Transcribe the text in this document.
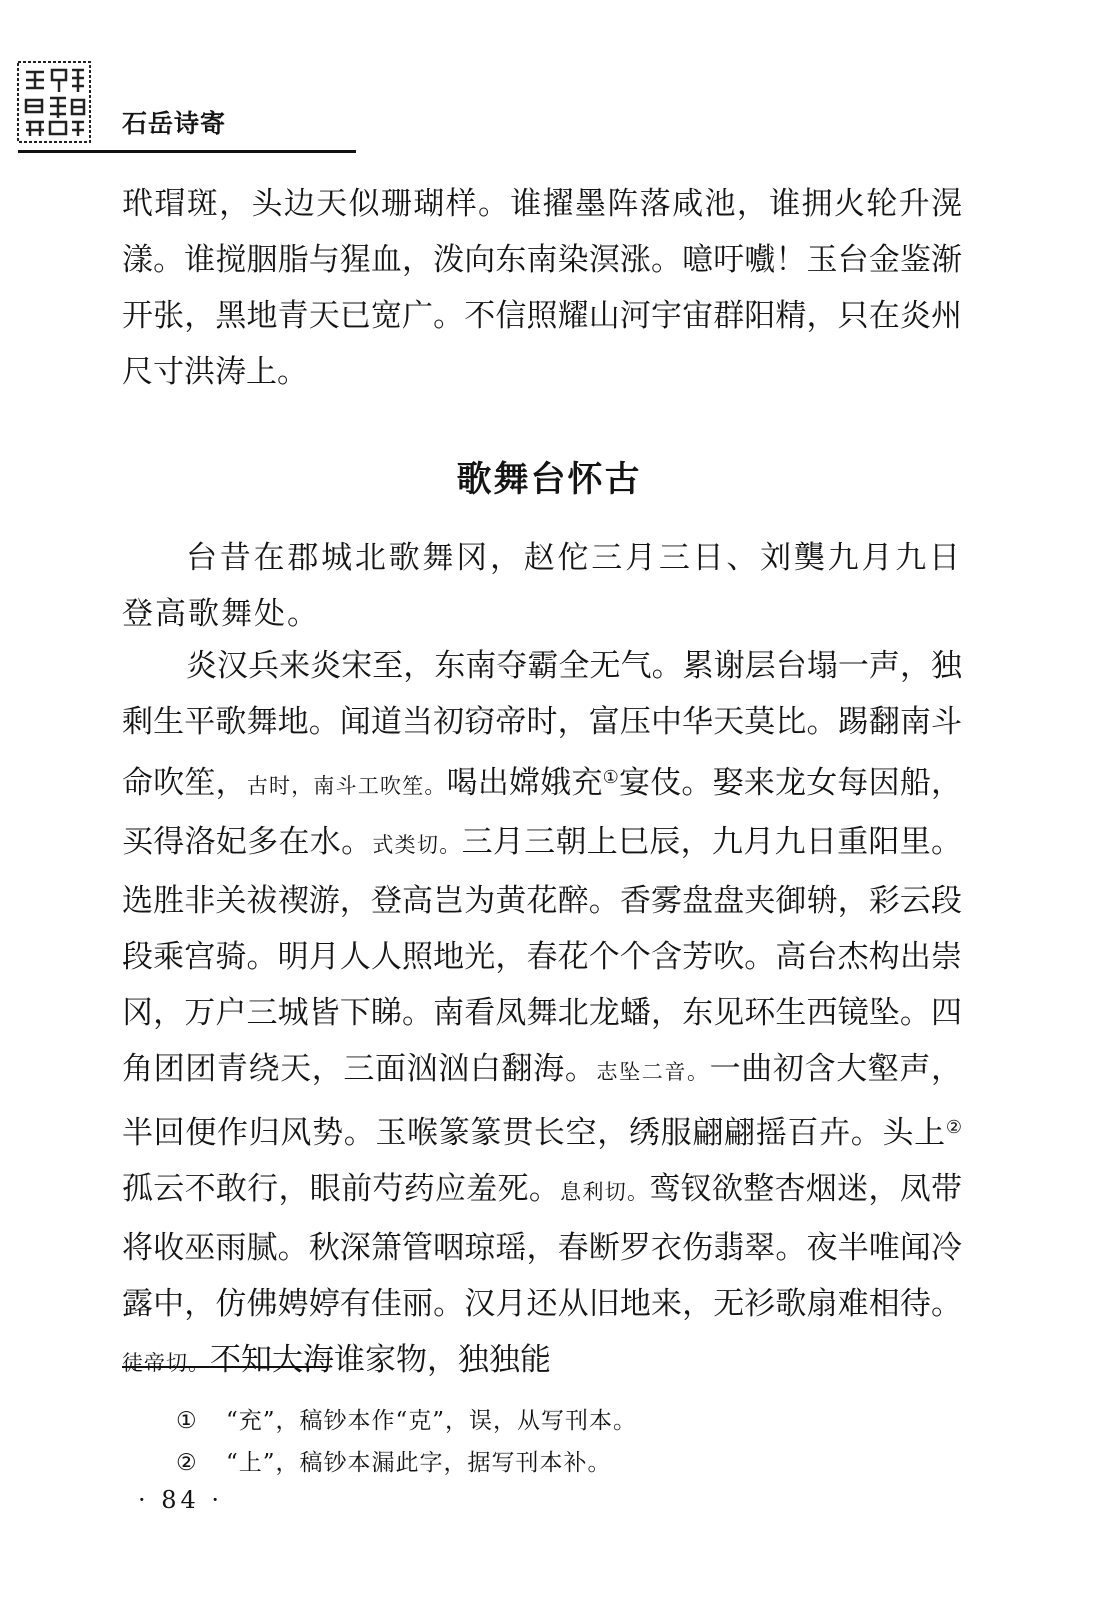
石岳诗寄

玳瑁斑，头边天似珊瑚样。谁擢墨阵落咸池，谁拥火轮升滉漾。谁搅胭脂与猩血，泼向东南染溟涨。噫吁嚱！玉台金鉴渐开张，黑地青天已宽广。不信照耀山河宇宙群阳精，只在炎州尺寸洪涛上。

歌舞台怀古

台昔在郡城北歌舞冈，赵佗三月三日、刘龑九月九日登高歌舞处。

炎汉兵来炎宋至，东南夺霸全无气。累谢层台塌一声，独剩生平歌舞地。闻道当初窃帝时，富压中华天莫比。踢翻南斗命吹笙，古时，南斗工吹笙。喝出嫦娥充①宴伎。娶来龙女每因船，买得洛妃多在水。式类切。三月三朝上巳辰，九月九日重阳里。选胜非关祓禊游，登高岂为黄花醉。香雾盘盘夹御辀，彩云段段乘宫骑。明月人人照地光，春花个个含芳吹。高台杰构出崇冈，万户三城皆下睇。南看凤舞北龙蟠，东见环生西镜坠。四角团团青绕天，三面汹汹白翻海。志坠二音。一曲初含大壑声，半回便作归风势。玉喉篆篆贯长空，绣服翩翩摇百卉。头上②孤云不敢行，眼前芍药应羞死。息利切。鸾钗欲整杏烟迷，凤带将收巫雨腻。秋深箫管咽琼瑶，春断罗衣伤翡翠。夜半唯闻冷露中，仿佛娉婷有佳丽。汉月还从旧地来，无衫歌扇难相待。徒帝切。不知大海谁家物，独独能

① “充”，稿钞本作“克”，误，从写刊本。
② “上”，稿钞本漏此字，据写刊本补。
· 84 ·
